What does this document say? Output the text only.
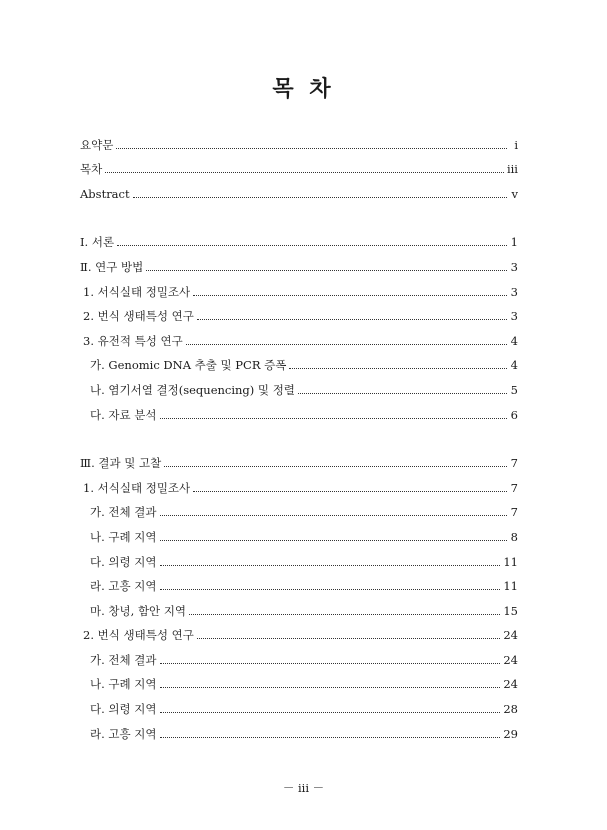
목 차
요약문	i
목차	iii
Abstract	v
Ⅰ. 서론	1
Ⅱ. 연구 방법	3
1. 서식실태 정밀조사	3
2. 번식 생태특성 연구	3
3. 유전적 특성 연구	4
가. Genomic DNA 추출 및 PCR 증폭	4
나. 염기서열 결정(sequencing) 및 정렬	5
다. 자료 분석	6
Ⅲ. 결과 및 고찰	7
1. 서식실태 정밀조사	7
가. 전체 결과	7
나. 구례 지역	8
다. 의령 지역	11
라. 고흥 지역	11
마. 창녕, 함안 지역	15
2. 번식 생태특성 연구	24
가. 전체 결과	24
나. 구례 지역	24
다. 의령 지역	28
라. 고흥 지역	29
－ iii －
